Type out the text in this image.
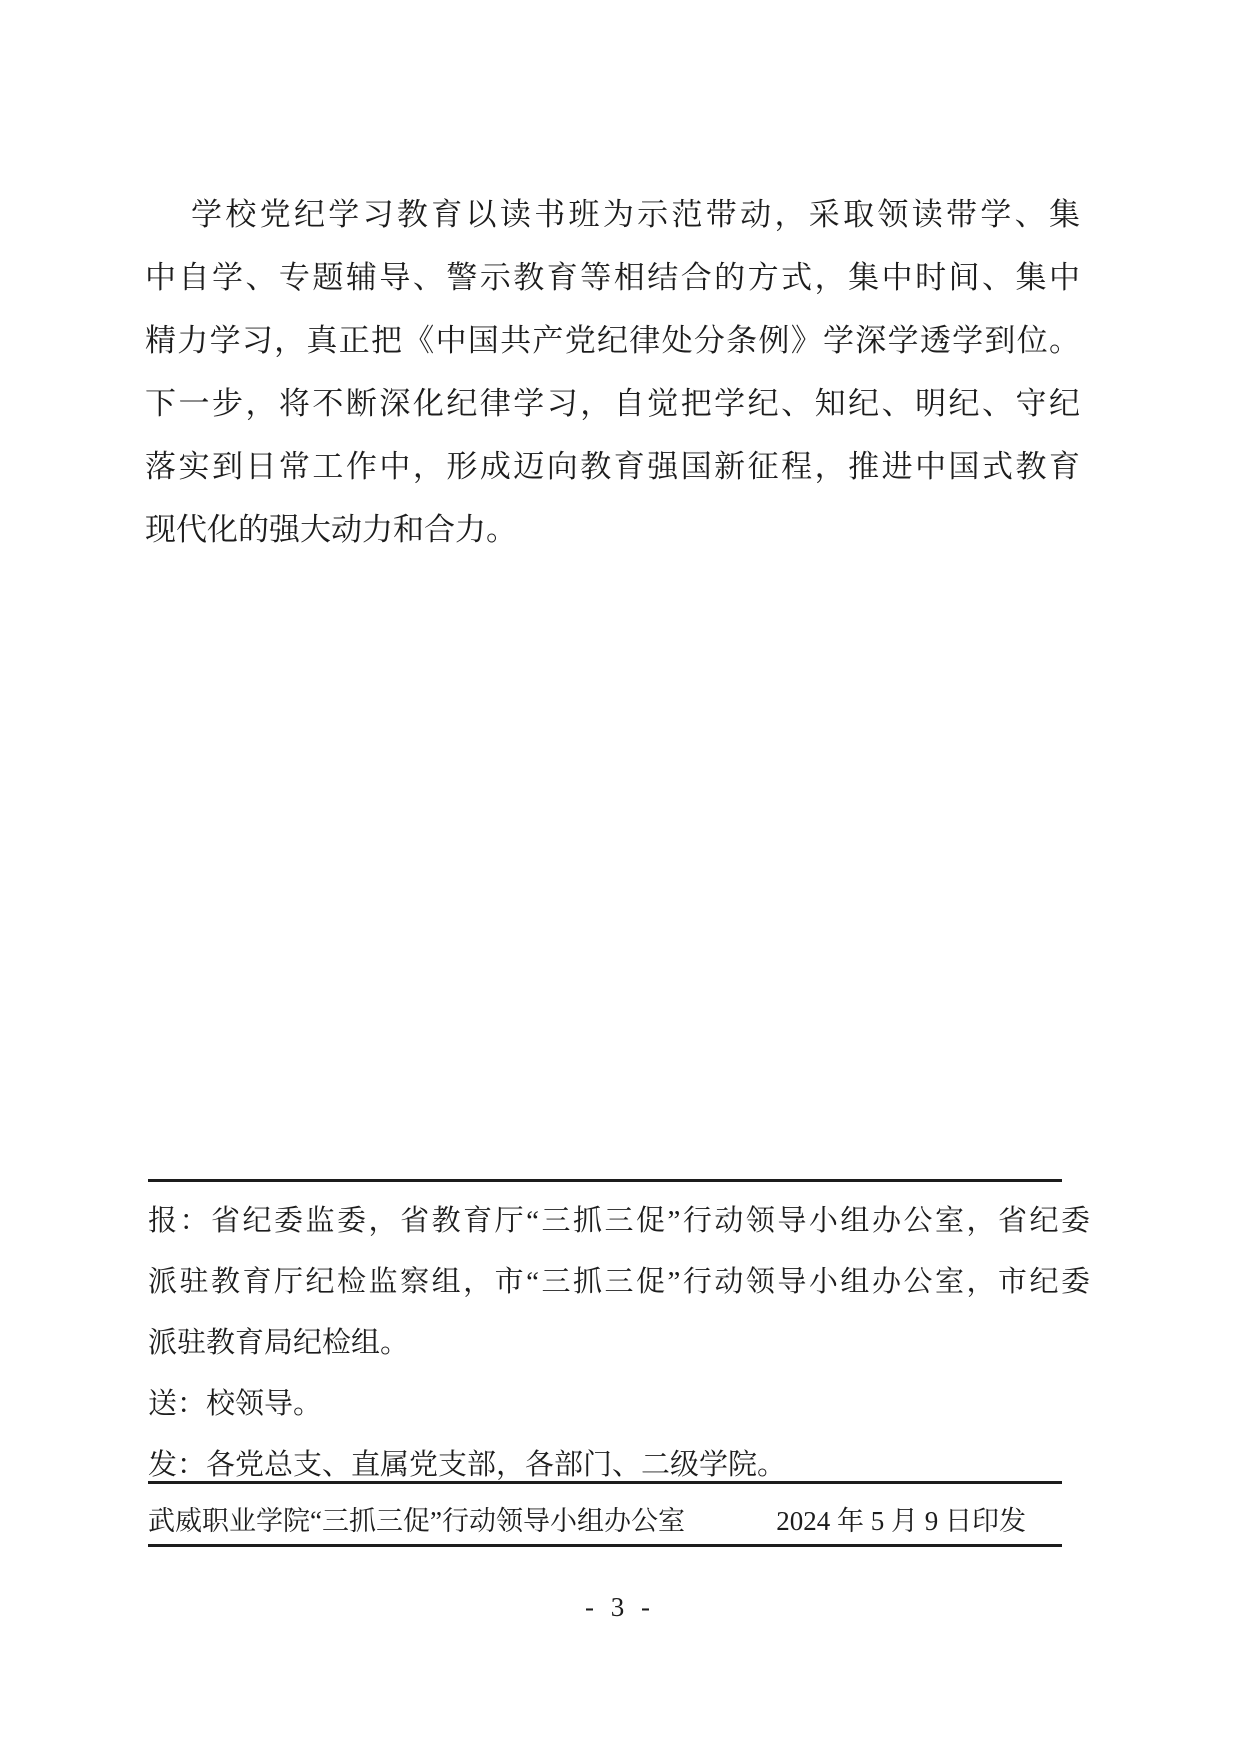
学校党纪学习教育以读书班为示范带动，采取领读带学、集
中自学、专题辅导、警示教育等相结合的方式，集中时间、集中
精力学习，真正把《中国共产党纪律处分条例》学深学透学到位。
下一步，将不断深化纪律学习，自觉把学纪、知纪、明纪、守纪
落实到日常工作中，形成迈向教育强国新征程，推进中国式教育
现代化的强大动力和合力。
报：省纪委监委，省教育厅“三抓三促”行动领导小组办公室，省纪委
派驻教育厅纪检监察组，市“三抓三促”行动领导小组办公室，市纪委
派驻教育局纪检组。
送：校领导。
发：各党总支、直属党支部，各部门、二级学院。
武威职业学院“三抓三促”行动领导小组办公室	2024 年 5 月 9 日印发
- 3 -
